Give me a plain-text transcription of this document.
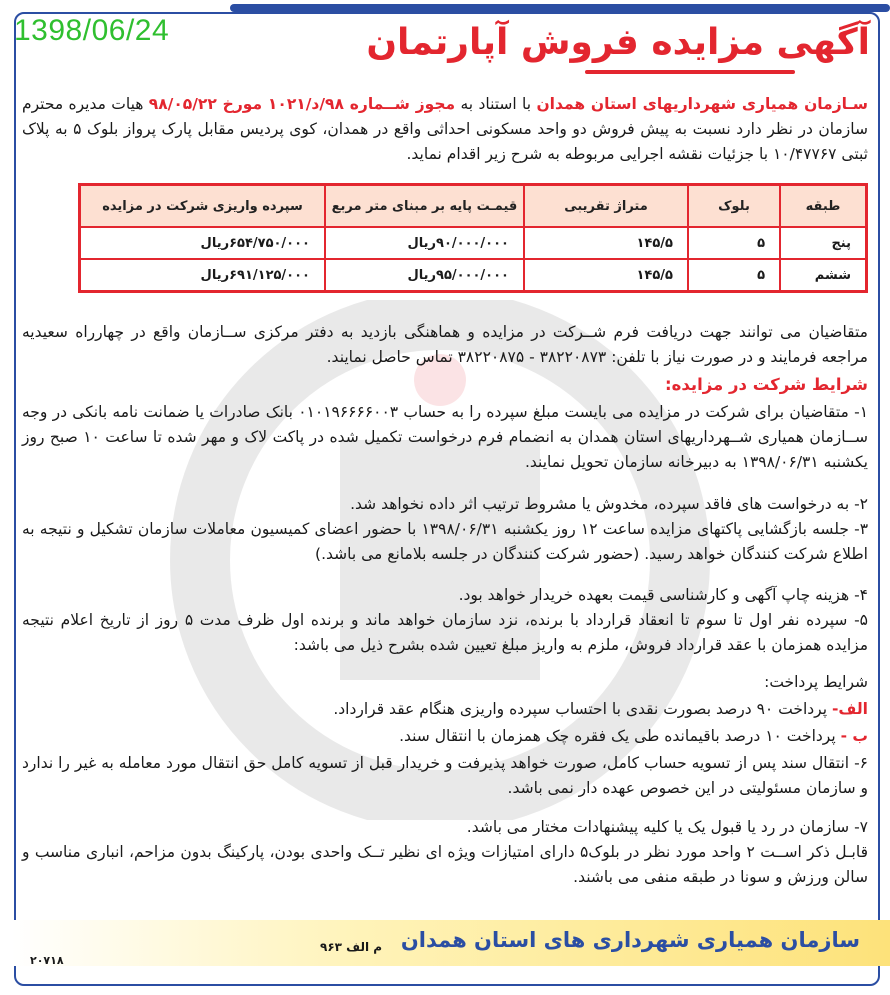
1398/06/24	آگهی مزایده فروش آپارتمان
سـازمان همیاری شهرداریهای استان همدان با استناد به مجوز شــماره ۹۸/د/۱۰۲۱ مورخ ۹۸/۰۵/۲۲ هیات مدیره محترم سازمان در نظر دارد نسبت به پیش فروش دو واحد مسکونی احداثی واقع در همدان، کوی پردیس مقابل پارک پرواز بلوک ۵ به پلاک ثبتی ۱۰/۴۷۷۶۷ با جزئیات نقشه اجرایی مربوطه به شرح زیر اقدام نماید.
طبقه	بلوک	متراژ تقریبی	قیمـت پایه بر مبنای متر مربع	سپرده واریزی شرکت در مزایده
پنج	۵	۱۴۵/۵	۹۰/۰۰۰/۰۰۰ریال	۶۵۴/۷۵۰/۰۰۰ریال
ششم	۵	۱۴۵/۵	۹۵/۰۰۰/۰۰۰ریال	۶۹۱/۱۲۵/۰۰۰ریال
متقاضیان می توانند جهت دریافت فرم شــرکت در مزایده و هماهنگی بازدید به دفتر مرکزی ســازمان واقع در چهارراه سعیدیه مراجعه فرمایند و در صورت نیاز با تلفن: ۳۸۲۲۰۸۷۳ - ۳۸۲۲۰۸۷۵ تماس حاصل نمایند.
شرایط شرکت در مزایده:
۱- متقاضیان برای شرکت در مزایده می بایست مبلغ سپرده را به حساب ۰۱۰۱۹۶۶۶۶۰۰۳ بانک صادرات یا ضمانت نامه بانکی در وجه ســازمان همیاری شــهرداریهای استان همدان به انضمام فرم درخواست تکمیل شده در پاکت لاک و مهر شده تا ساعت ۱۰ صبح روز یکشنبه ۱۳۹۸/۰۶/۳۱ به دبیرخانه سازمان تحویل نمایند.
۲- به درخواست های فاقد سپرده، مخدوش یا مشروط ترتیب اثر داده نخواهد شد.
۳- جلسه بازگشایی پاکتهای مزایده ساعت ۱۲ روز یکشنبه ۱۳۹۸/۰۶/۳۱ با حضور اعضای کمیسیون معاملات سازمان تشکیل و نتیجه به اطلاع شرکت کنندگان خواهد رسید. (حضور شرکت کنندگان در جلسه بلامانع می باشد.)
۴- هزینه چاپ آگهی و کارشناسی قیمت بعهده خریدار خواهد بود.
۵- سپرده نفر اول تا سوم تا انعقاد قرارداد با برنده، نزد سازمان خواهد ماند و برنده اول ظرف مدت ۵ روز از تاریخ اعلام نتیجه مزایده همزمان با عقد قرارداد فروش، ملزم به واریز مبلغ تعیین شده بشرح ذیل می باشد:
شرایط پرداخت:
الف- پرداخت ۹۰ درصد بصورت نقدی با احتساب سپرده واریزی هنگام عقد قرارداد.
ب - پرداخت ۱۰ درصد باقیمانده طی یک فقره چک همزمان با انتقال سند.
۶- انتقال سند پس از تسویه حساب کامل، صورت خواهد پذیرفت و خریدار قبل از تسویه کامل حق انتقال مورد معامله به غیر را ندارد و سازمان مسئولیتی در این خصوص عهده دار نمی باشد.
۷- سازمان در رد یا قبول یک یا کلیه پیشنهادات مختار می باشد.
قابـل ذکر اســت ۲ واحد مورد نظر در بلوک۵ دارای امتیازات ویژه ای نظیر تــک واحدی بودن، پارکینگ بدون مزاحم، انباری مناسب و سالن ورزش و سونا در طبقه منفی می باشند.
سازمان همیاری شهرداری های استان همدان
م الف ۹۶۳
۲۰۷۱۸
